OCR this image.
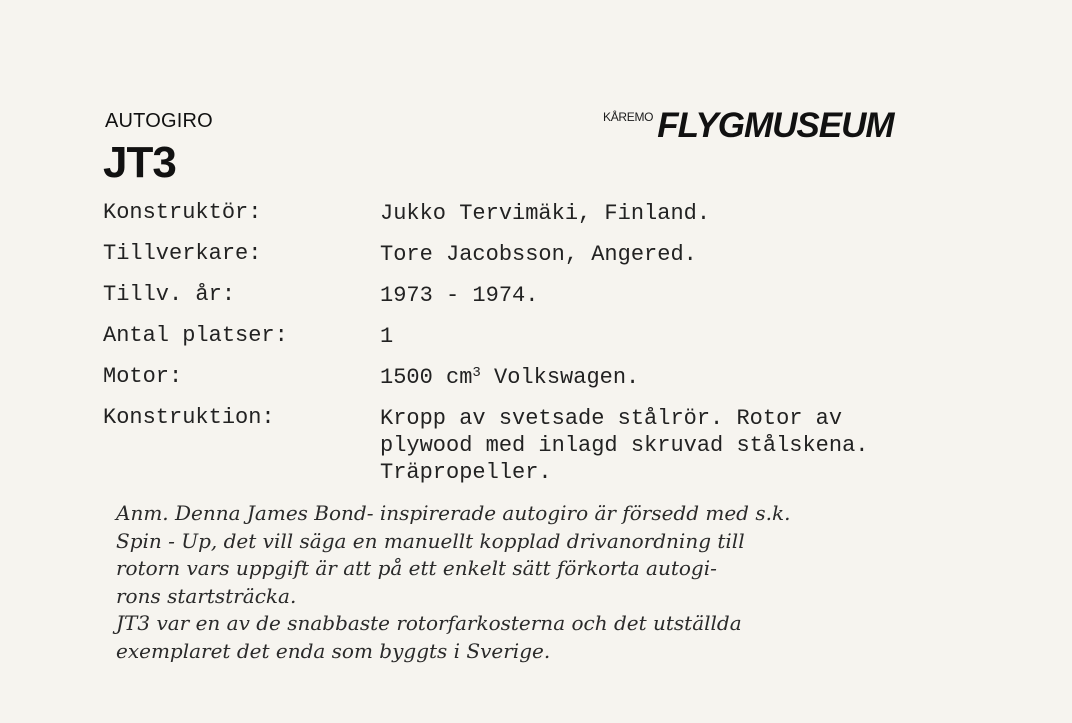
AUTOGIRO
JT3
$^{KÅREMO}$ FLYGMUSEUM
Konstruktör:	Jukko Tervimäki, Finland.
Tillverkare:	Tore Jacobsson, Angered.
Tillv. år:	1973 - 1974.
Antal platser:	1
Motor:	1500 $cm^3$ Volkswagen.
Konstruktion:	Kropp av svetsade stålrör. Rotor av
plywood med inlagd skruvad stålskena.
Träpropeller.
Anm. Denna James Bond- inspirerade autogiro är försedd med s.k.
Spin - Up, det vill säga en manuellt kopplad drivanordning till
rotorn vars uppgift är att på ett enkelt sätt förkorta autogi-
rons startsträcka.
JT3 var en av de snabbaste rotorfarkosterna och det utställda
exemplaret det enda som byggts i Sverige.
